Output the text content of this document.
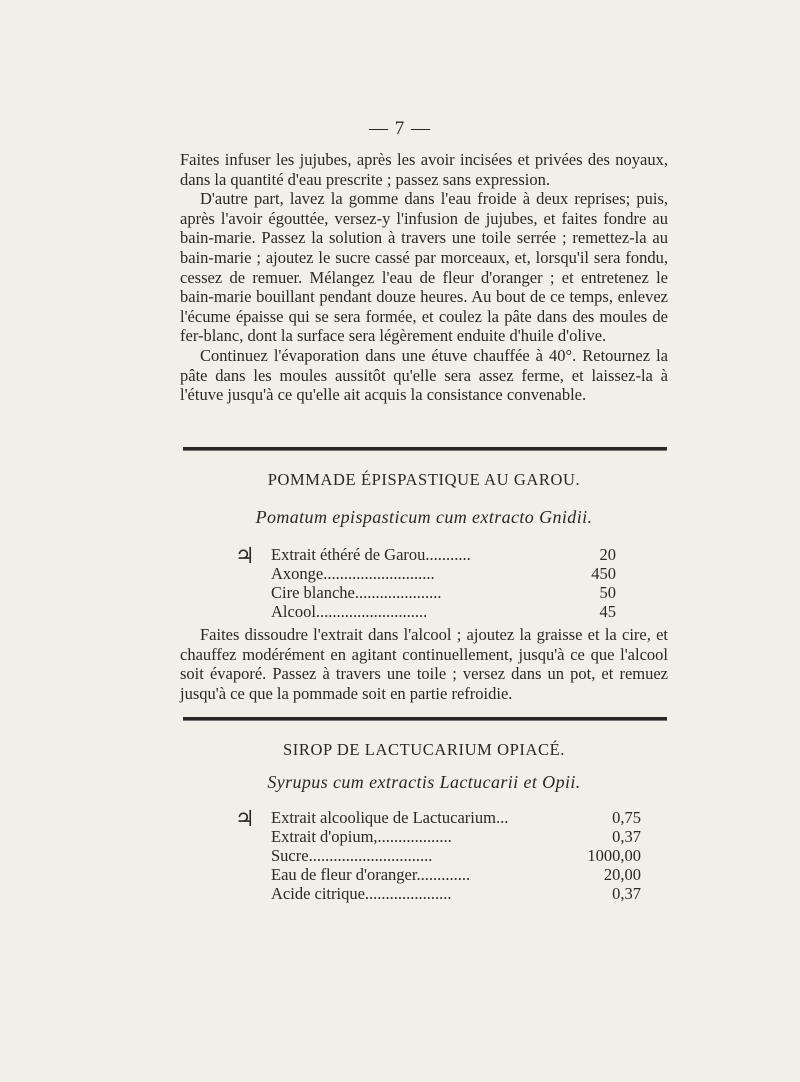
— 7 —

Faites infuser les jujubes, après les avoir incisées et privées des noyaux, dans la quantité d'eau prescrite ; passez sans expression.

D'autre part, lavez la gomme dans l'eau froide à deux reprises; puis, après l'avoir égouttée, versez-y l'infusion de jujubes, et faites fondre au bain-marie. Passez la solution à travers une toile serrée ; remettez-la au bain-marie ; ajoutez le sucre cassé par morceaux, et, lorsqu'il sera fondu, cessez de remuer. Mélangez l'eau de fleur d'oranger ; et entretenez le bain-marie bouillant pendant douze heures. Au bout de ce temps, enlevez l'écume épaisse qui se sera formée, et coulez la pâte dans des moules de fer-blanc, dont la surface sera légèrement enduite d'huile d'olive.

Continuez l'évaporation dans une étuve chauffée à 40°. Retournez la pâte dans les moules aussitôt qu'elle sera assez ferme, et laissez-la à l'étuve jusqu'à ce qu'elle ait acquis la consistance convenable.

POMMADE ÉPISPASTIQUE AU GAROU.
Pomatum epispasticum cum extracto Gnidii.
♃ Extrait éthéré de Garou...........	20
Axonge...........................	450
Cire blanche.....................	50
Alcool...........................	45

Faites dissoudre l'extrait dans l'alcool ; ajoutez la graisse et la cire, et chauffez modérément en agitant continuellement, jusqu'à ce que l'alcool soit évaporé. Passez à travers une toile ; versez dans un pot, et remuez jusqu'à ce que la pommade soit en partie refroidie.

SIROP DE LACTUCARIUM OPIACÉ.
Syrupus cum extractis Lactucarii et Opii.
♃ Extrait alcoolique de Lactucarium...	0,75
Extrait d'opium,..................	0,37
Sucre..............................	1000,00
Eau de fleur d'oranger.............	20,00
Acide citrique.....................	0,37
